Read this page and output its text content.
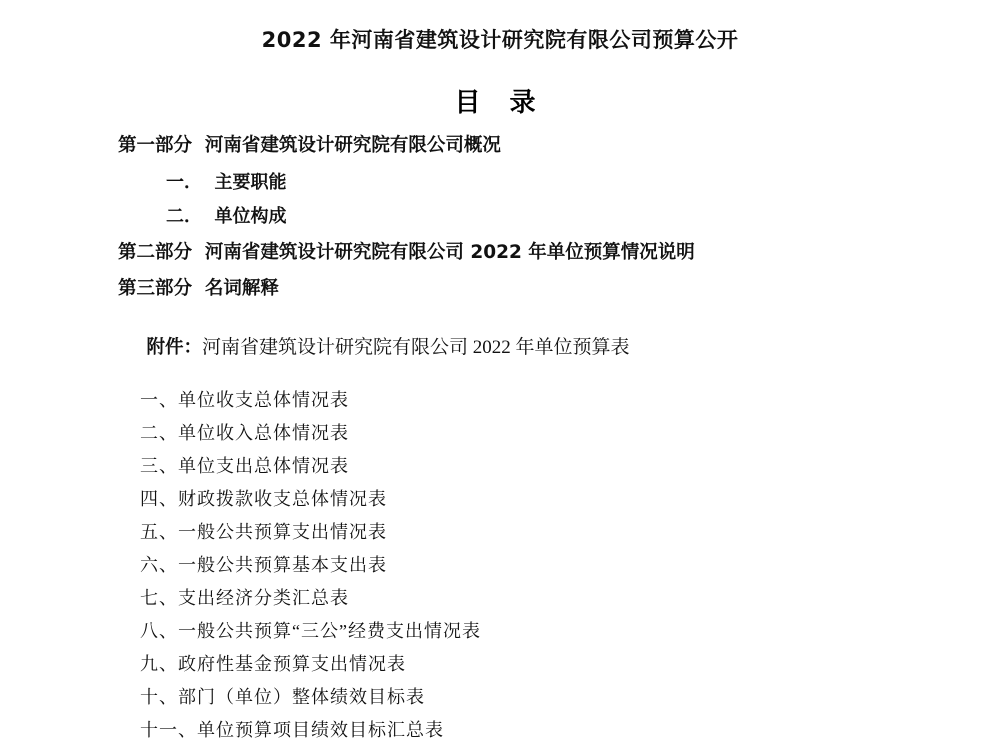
2022 年河南省建筑设计研究院有限公司预算公开
目 录
第一部分  河南省建筑设计研究院有限公司概况
一．  主要职能
二．  单位构成
第二部分  河南省建筑设计研究院有限公司 2022 年单位预算情况说明
第三部分  名词解释

附件：河南省建筑设计研究院有限公司 2022 年单位预算表

一、单位收支总体情况表
二、单位收入总体情况表
三、单位支出总体情况表
四、财政拨款收支总体情况表
五、一般公共预算支出情况表
六、一般公共预算基本支出表
七、支出经济分类汇总表
八、一般公共预算“三公”经费支出情况表
九、政府性基金预算支出情况表
十、部门（单位）整体绩效目标表
十一、单位预算项目绩效目标汇总表
